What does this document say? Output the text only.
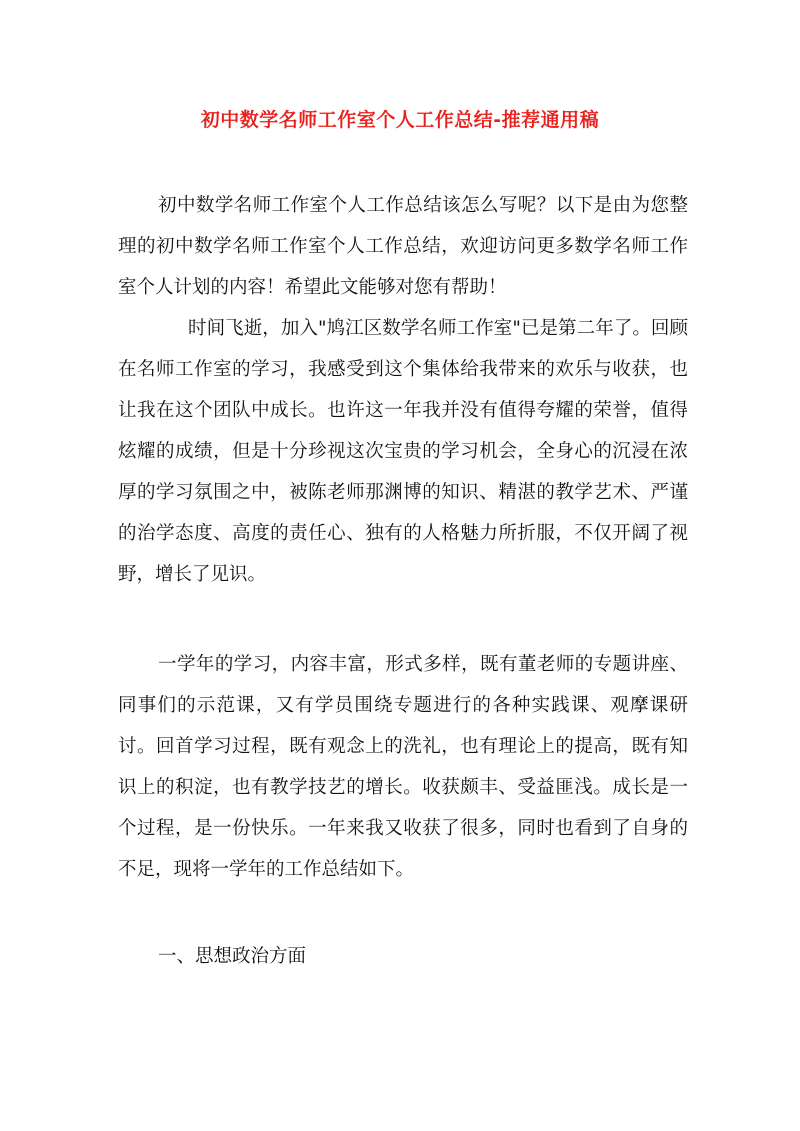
初中数学名师工作室个人工作总结-推荐通用稿

初中数学名师工作室个人工作总结该怎么写呢？以下是由为您整理的初中数学名师工作室个人工作总结，欢迎访问更多数学名师工作室个人计划的内容！希望此文能够对您有帮助！

时间飞逝，加入"鸠江区数学名师工作室"已是第二年了。回顾在名师工作室的学习，我感受到这个集体给我带来的欢乐与收获，也让我在这个团队中成长。也许这一年我并没有值得夸耀的荣誉，值得炫耀的成绩，但是十分珍视这次宝贵的学习机会，全身心的沉浸在浓厚的学习氛围之中，被陈老师那渊博的知识、精湛的教学艺术、严谨的治学态度、高度的责任心、独有的人格魅力所折服，不仅开阔了视野，增长了见识。

一学年的学习，内容丰富，形式多样，既有董老师的专题讲座、同事们的示范课，又有学员围绕专题进行的各种实践课、观摩课研讨。回首学习过程，既有观念上的洗礼，也有理论上的提高，既有知识上的积淀，也有教学技艺的增长。收获颇丰、受益匪浅。成长是一个过程，是一份快乐。一年来我又收获了很多，同时也看到了自身的不足，现将一学年的工作总结如下。

一、思想政治方面
